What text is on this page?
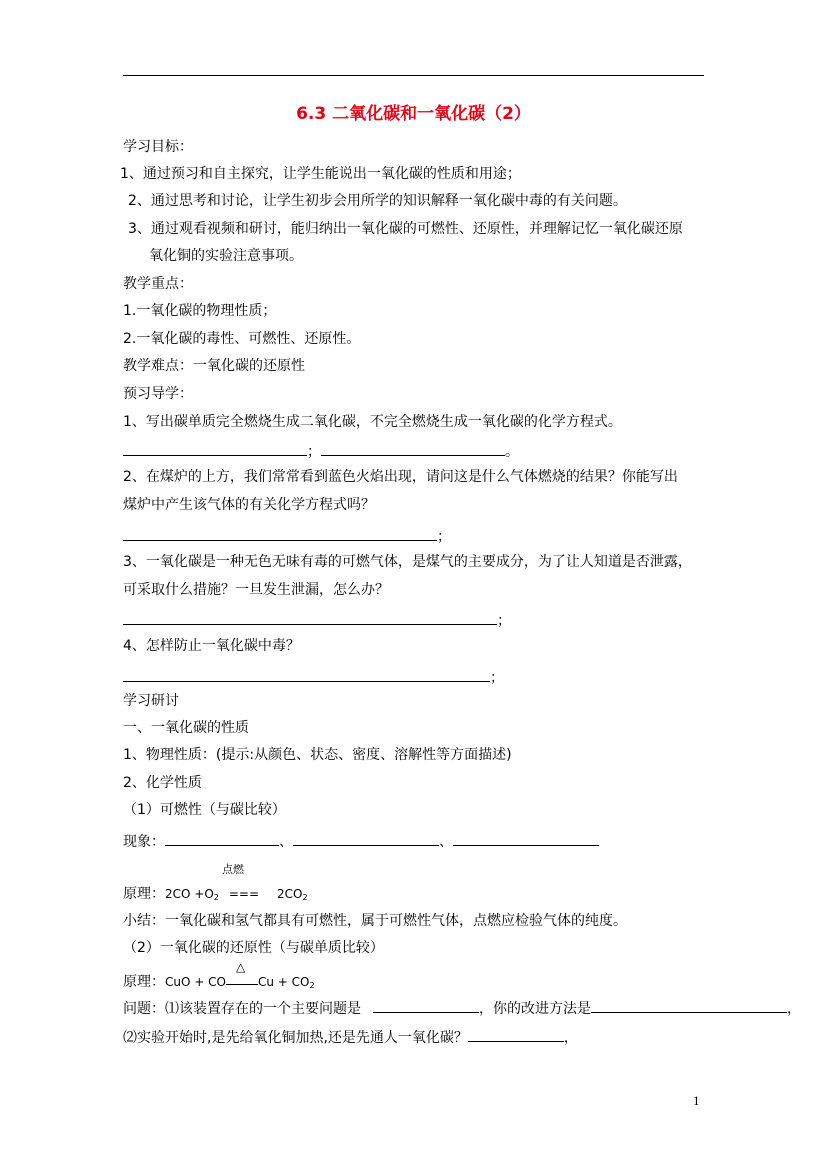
6.3 二氧化碳和一氧化碳（2）
学习目标：
1、通过预习和自主探究，让学生能说出一氧化碳的性质和用途；
2、通过思考和讨论，让学生初步会用所学的知识解释一氧化碳中毒的有关问题。
3、通过观看视频和研讨，能归纳出一氧化碳的可燃性、还原性，并理解记忆一氧化碳还原
氧化铜的实验注意事项。
教学重点：
1.一氧化碳的物理性质；
2.一氧化碳的毒性、可燃性、还原性。
教学难点：一氧化碳的还原性
预习导学：
1、写出碳单质完全燃烧生成二氧化碳，不完全燃烧生成一氧化碳的化学方程式。
；	。
2、在煤炉的上方，我们常常看到蓝色火焰出现，请问这是什么气体燃烧的结果？你能写出
煤炉中产生该气体的有关化学方程式吗？
；
3、一氧化碳是一种无色无味有毒的可燃气体，是煤气的主要成分，为了让人知道是否泄露，
可采取什么措施？一旦发生泄漏，怎么办？
；
4、怎样防止一氧化碳中毒？
；
学习研讨
一、一氧化碳的性质
1、物理性质：(提示:从颜色、状态、密度、溶解性等方面描述)
2、化学性质
（1）可燃性（与碳比较）
现象：	、	、
点燃
原理：$2CO +O_2$ === $2CO_2$
小结：一氧化碳和氢气都具有可燃性，属于可燃性气体，点燃应检验气体的纯度。
（2）一氧化碳的还原性（与碳单质比较）
原理：CuO + CO
△
$Cu + CO_2$
问题：⑴该装置存在的一个主要问题是	，你的改进方法是	，
⑵实验开始时,是先给氧化铜加热,还是先通人一氧化碳？	，
1
